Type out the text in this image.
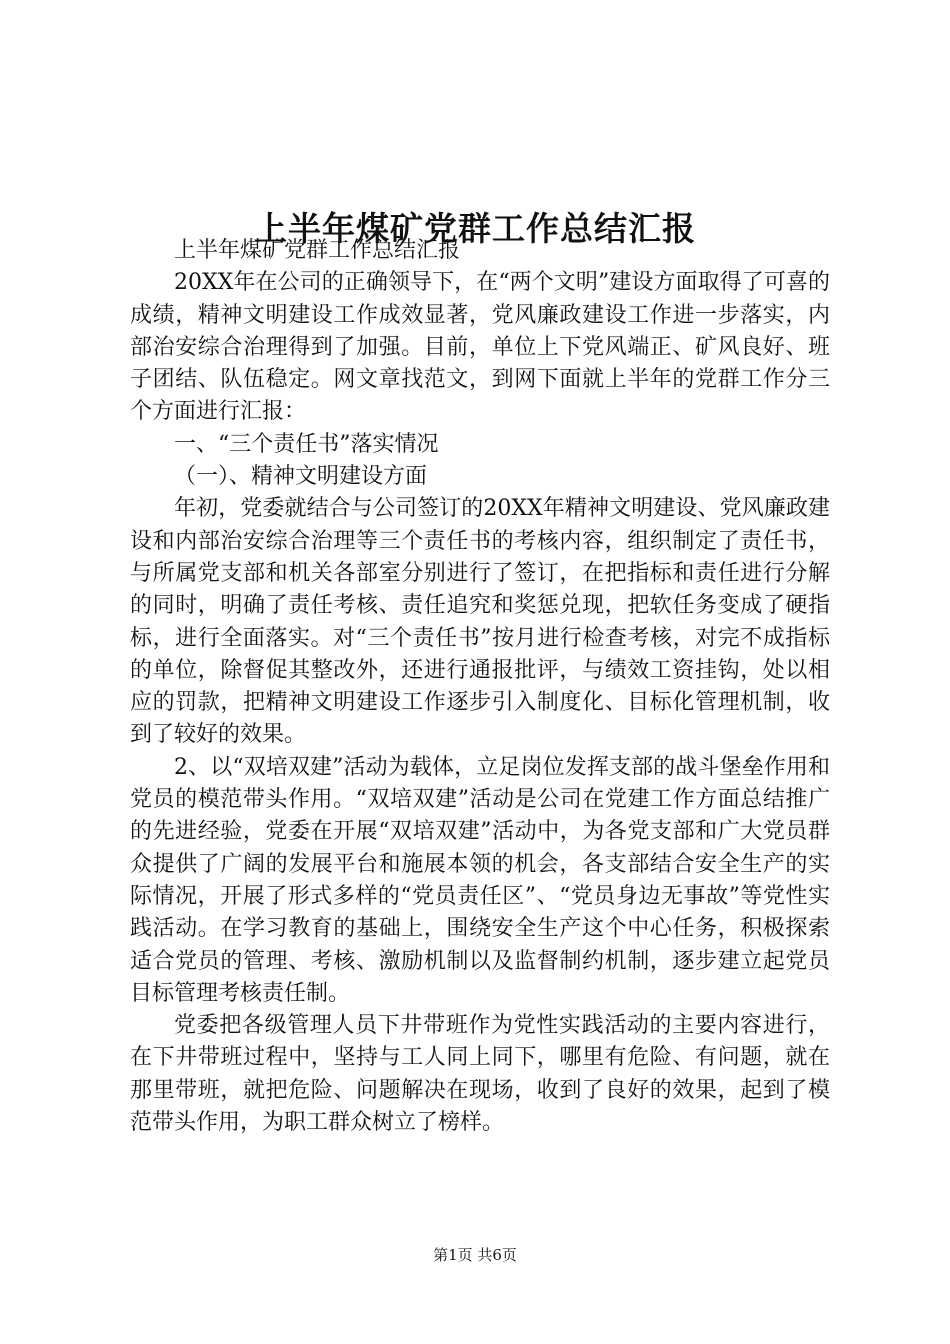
上半年煤矿党群工作总结汇报

上半年煤矿党群工作总结汇报

20XX年在公司的正确领导下，在“两个文明”建设方面取得了可喜的成绩，精神文明建设工作成效显著，党风廉政建设工作进一步落实，内部治安综合治理得到了加强。目前，单位上下党风端正、矿风良好、班子团结、队伍稳定。网文章找范文，到网下面就上半年的党群工作分三个方面进行汇报：

一、“三个责任书”落实情况

（一）、精神文明建设方面

年初，党委就结合与公司签订的20XX年精神文明建设、党风廉政建设和内部治安综合治理等三个责任书的考核内容，组织制定了责任书，与所属党支部和机关各部室分别进行了签订，在把指标和责任进行分解的同时，明确了责任考核、责任追究和奖惩兑现，把软任务变成了硬指标，进行全面落实。对“三个责任书”按月进行检查考核，对完不成指标的单位，除督促其整改外，还进行通报批评，与绩效工资挂钩，处以相应的罚款，把精神文明建设工作逐步引入制度化、目标化管理机制，收到了较好的效果。

2、以“双培双建”活动为载体，立足岗位发挥支部的战斗堡垒作用和党员的模范带头作用。“双培双建”活动是公司在党建工作方面总结推广的先进经验，党委在开展“双培双建”活动中，为各党支部和广大党员群众提供了广阔的发展平台和施展本领的机会，各支部结合安全生产的实际情况，开展了形式多样的“党员责任区”、“党员身边无事故”等党性实践活动。在学习教育的基础上，围绕安全生产这个中心任务，积极探索适合党员的管理、考核、激励机制以及监督制约机制，逐步建立起党员目标管理考核责任制。

党委把各级管理人员下井带班作为党性实践活动的主要内容进行，在下井带班过程中，坚持与工人同上同下，哪里有危险、有问题，就在那里带班，就把危险、问题解决在现场，收到了良好的效果，起到了模范带头作用，为职工群众树立了榜样。

第1页 共6页
